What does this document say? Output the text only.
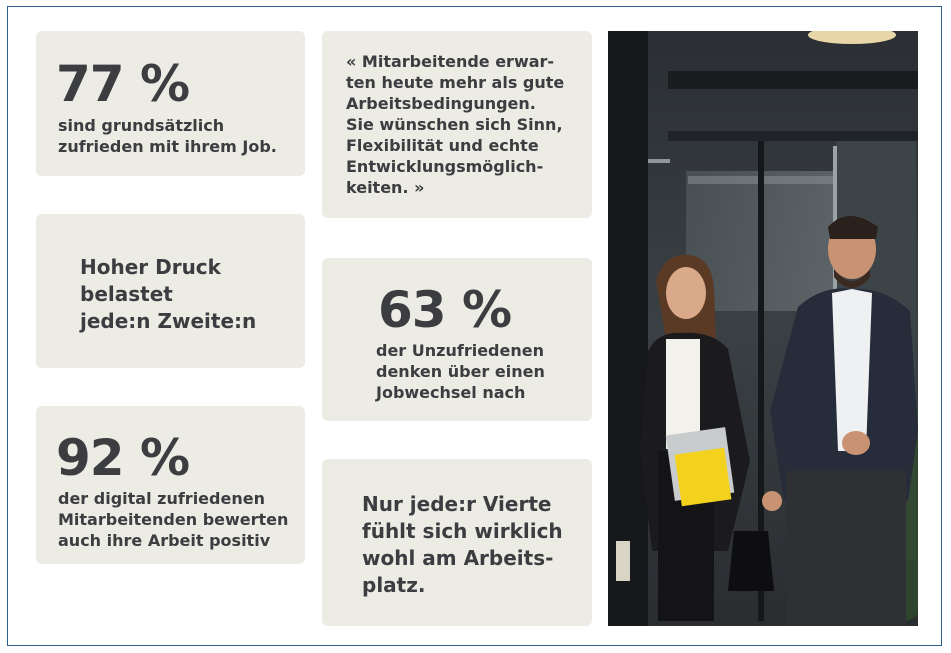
77 %
sind grundsätzlich
zufrieden mit ihrem Job.
« Mitarbeitende erwar-
ten heute mehr als gute
Arbeitsbedingungen.
Sie wünschen sich Sinn,
Flexibilität und echte
Entwicklungsmöglich-
keiten. »
Hoher Druck
belastet
jede:n Zweite:n 63 %
der Unzufriedenen
denken über einen
Jobwechsel nach
92 %
der digital zufriedenen
Mitarbeitenden bewerten
auch ihre Arbeit positiv
Nur jede:r Vierte
fühlt sich wirklich
wohl am Arbeits-
platz.
